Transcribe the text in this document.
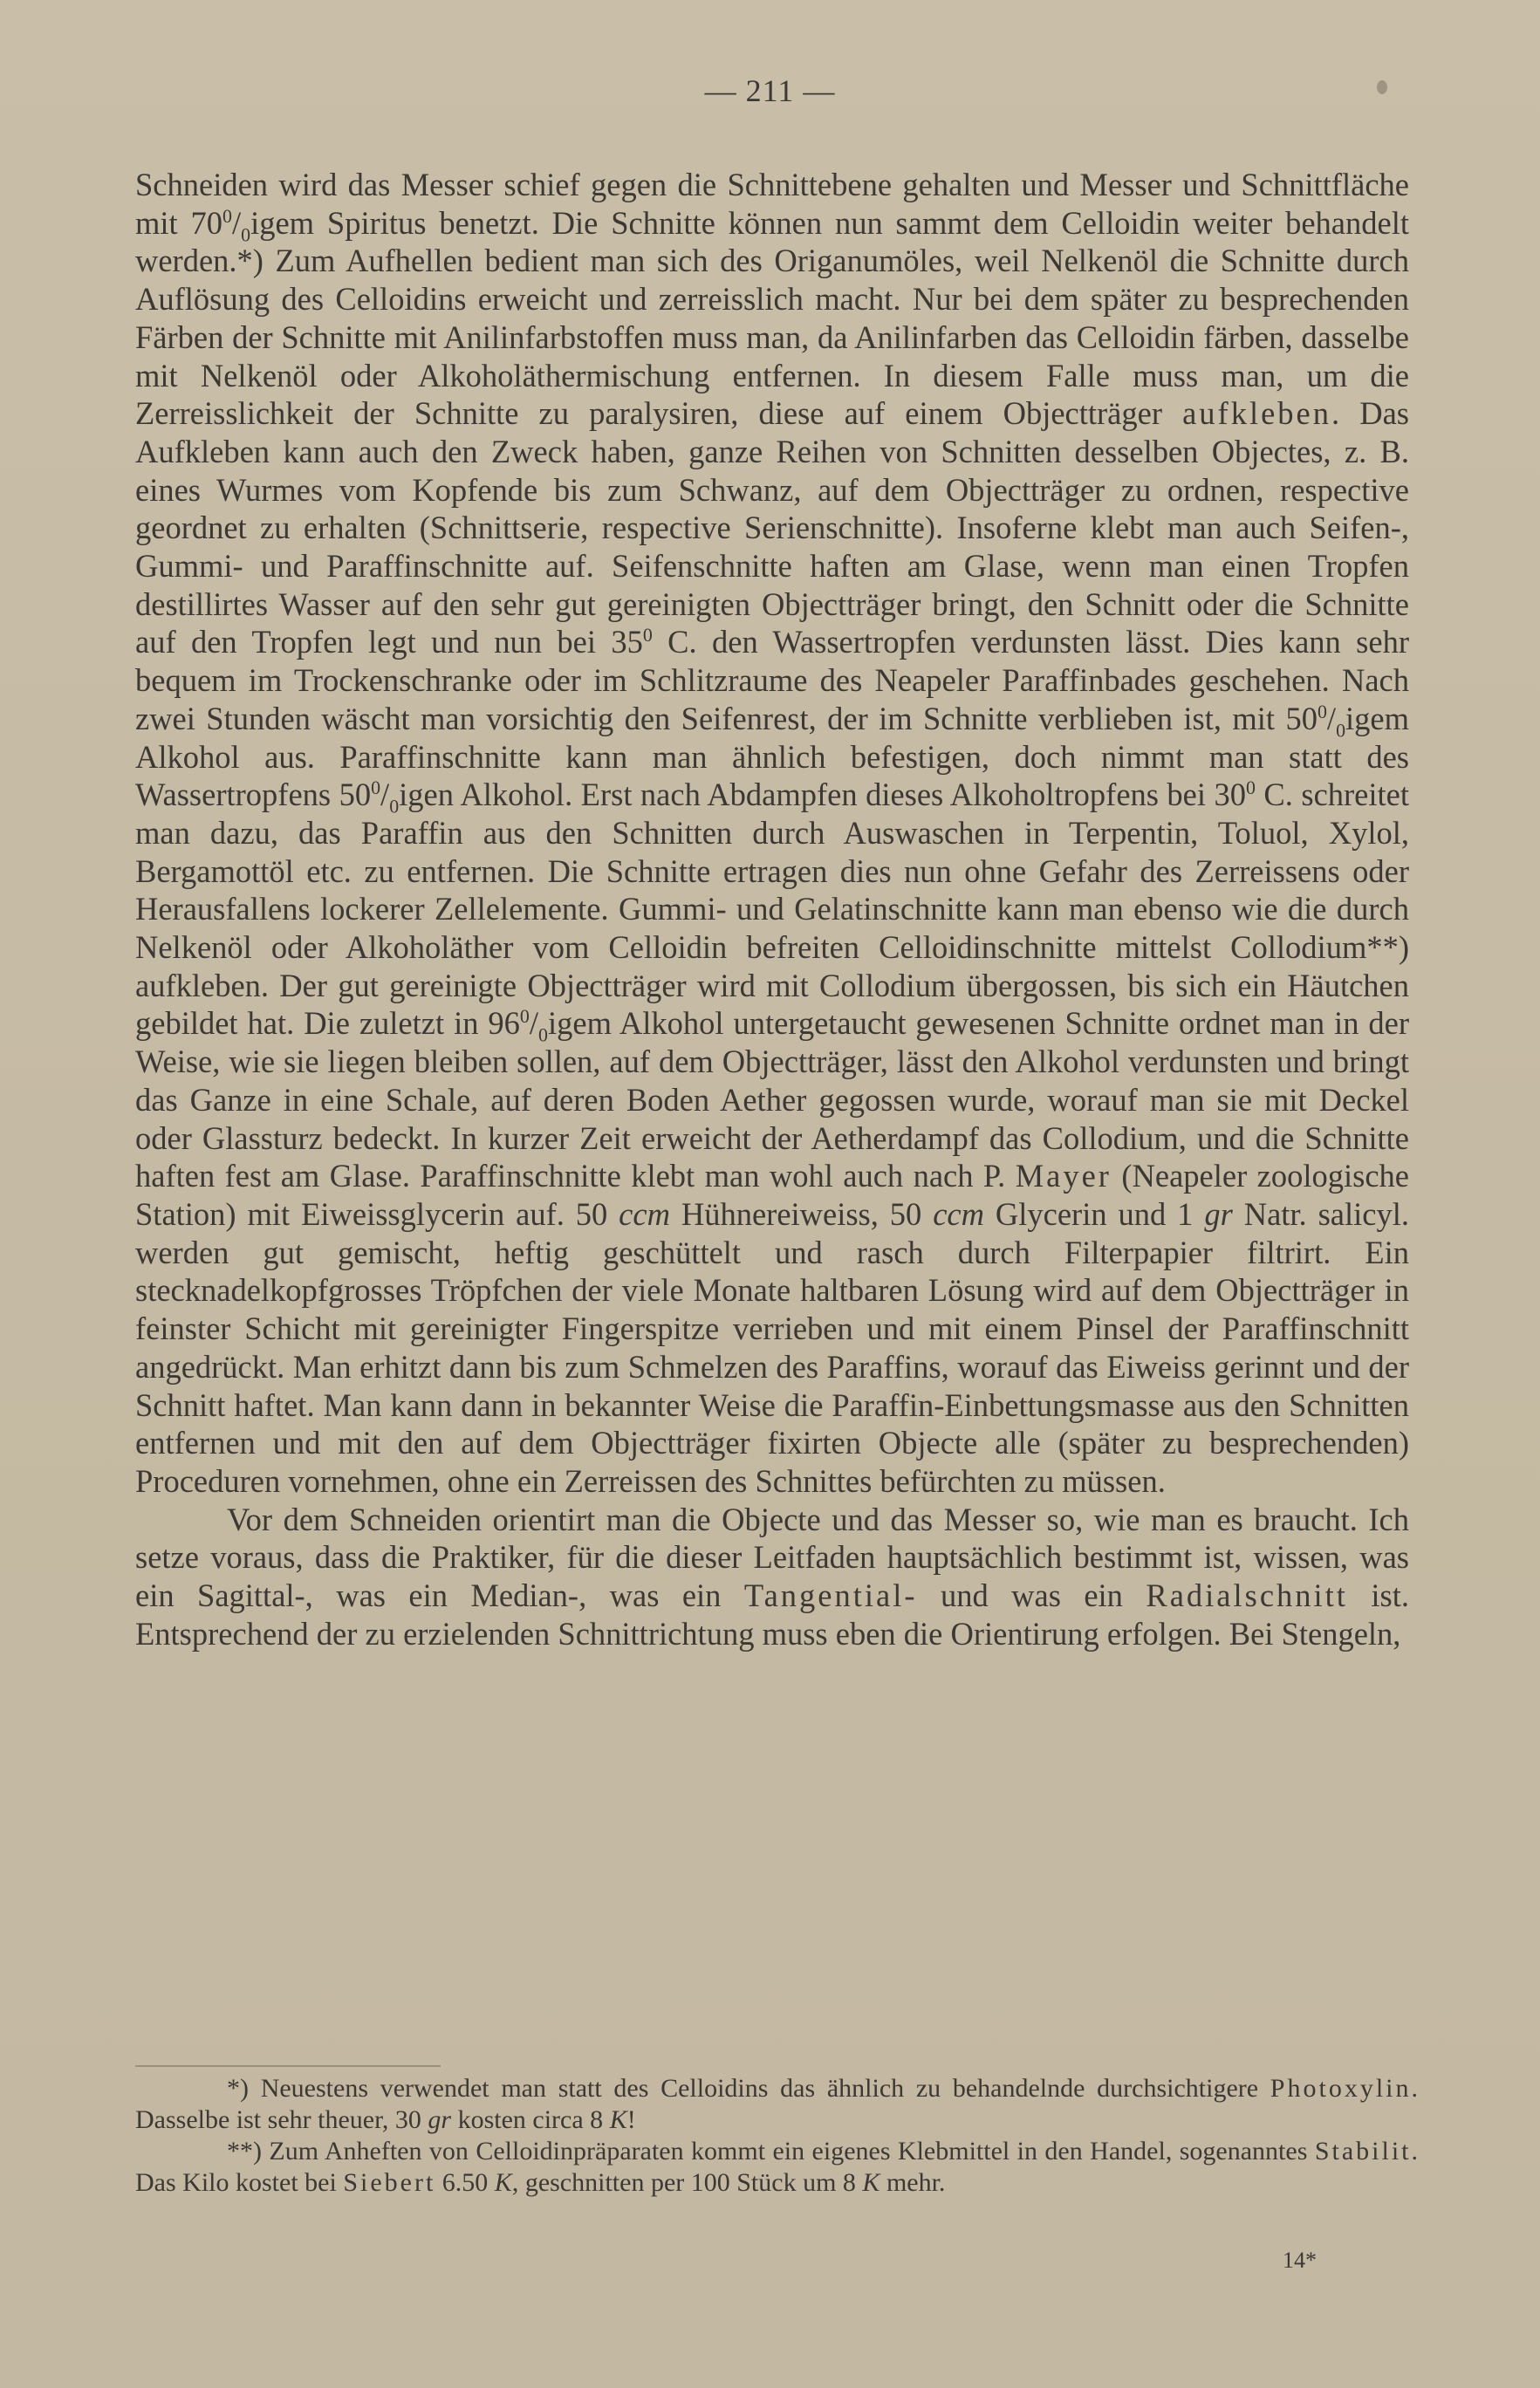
— 211 —

Schneiden wird das Messer schief gegen die Schnittebene gehalten und Messer und Schnittfläche mit $70^0/_0igem$ Spiritus benetzt. Die Schnitte können nun sammt dem Celloidin weiter behandelt werden.*) Zum Aufhellen bedient man sich des Origanumöles, weil Nelkenöl die Schnitte durch Auflösung des Celloidins erweicht und zerreisslich macht. Nur bei dem später zu besprechenden Färben der Schnitte mit Anilinfarbstoffen muss man, da Anilinfarben das Celloidin färben, dasselbe mit Nelkenöl oder Alkoholäthermischung entfernen. In diesem Falle muss man, um die Zerreisslichkeit der Schnitte zu paralysiren, diese auf einem Objectträger aufkleben. Das Aufkleben kann auch den Zweck haben, ganze Reihen von Schnitten desselben Objectes, z. B. eines Wurmes vom Kopfende bis zum Schwanz, auf dem Objectträger zu ordnen, respective geordnet zu erhalten (Schnittserie, respective Serienschnitte). Insoferne klebt man auch Seifen-, Gummi- und Paraffinschnitte auf. Seifenschnitte haften am Glase, wenn man einen Tropfen destillirtes Wasser auf den sehr gut gereinigten Objectträger bringt, den Schnitt oder die Schnitte auf den Tropfen legt und nun bei $35^0$ C. den Wassertropfen verdunsten lässt. Dies kann sehr bequem im Trockenschranke oder im Schlitzraume des Neapeler Paraffinbades geschehen. Nach zwei Stunden wäscht man vorsichtig den Seifenrest, der im Schnitte verblieben ist, mit $50^0/_0igem$ Alkohol aus. Paraffinschnitte kann man ähnlich befestigen, doch nimmt man statt des Wassertropfens $50^0/_0igen$ Alkohol. Erst nach Abdampfen dieses Alkoholtropfens bei $30^0$ C. schreitet man dazu, das Paraffin aus den Schnitten durch Auswaschen in Terpentin, Toluol, Xylol, Bergamottöl etc. zu entfernen. Die Schnitte ertragen dies nun ohne Gefahr des Zerreissens oder Herausfallens lockerer Zellelemente. Gummi- und Gelatinschnitte kann man ebenso wie die durch Nelkenöl oder Alkoholäther vom Celloidin befreiten Celloidinschnitte mittelst Collodium**) aufkleben. Der gut gereinigte Objectträger wird mit Collodium übergossen, bis sich ein Häutchen gebildet hat. Die zuletzt in $96^0/_0igem$ Alkohol untergetaucht gewesenen Schnitte ordnet man in der Weise, wie sie liegen bleiben sollen, auf dem Objectträger, lässt den Alkohol verdunsten und bringt das Ganze in eine Schale, auf deren Boden Aether gegossen wurde, worauf man sie mit Deckel oder Glassturz bedeckt. In kurzer Zeit erweicht der Aetherdampf das Collodium, und die Schnitte haften fest am Glase. Paraffinschnitte klebt man wohl auch nach P. Mayer (Neapeler zoologische Station) mit Eiweissglycerin auf. 50 ccm Hühnereiweiss, 50 ccm Glycerin und 1 gr Natr. salicyl. werden gut gemischt, heftig geschüttelt und rasch durch Filterpapier filtrirt. Ein stecknadelkopfgrosses Tröpfchen der viele Monate haltbaren Lösung wird auf dem Objectträger in feinster Schicht mit gereinigter Fingerspitze verrieben und mit einem Pinsel der Paraffinschnitt angedrückt. Man erhitzt dann bis zum Schmelzen des Paraffins, worauf das Eiweiss gerinnt und der Schnitt haftet. Man kann dann in bekannter Weise die Paraffin-Einbettungsmasse aus den Schnitten entfernen und mit den auf dem Objectträger fixirten Objecte alle (später zu besprechenden) Proceduren vornehmen, ohne ein Zerreissen des Schnittes befürchten zu müssen.

Vor dem Schneiden orientirt man die Objecte und das Messer so, wie man es braucht. Ich setze voraus, dass die Praktiker, für die dieser Leitfaden hauptsächlich bestimmt ist, wissen, was ein Sagittal-, was ein Median-, was ein Tangential- und was ein Radialschnitt ist. Entsprechend der zu erzielenden Schnittrichtung muss eben die Orientirung erfolgen. Bei Stengeln,

*) Neuestens verwendet man statt des Celloidins das ähnlich zu behandelnde durchsichtigere Photoxylin. Dasselbe ist sehr theuer, 30 gr kosten circa 8 K!

**) Zum Anheften von Celloidinpräparaten kommt ein eigenes Klebmittel in den Handel, sogenanntes Stabilit. Das Kilo kostet bei Siebert 6.50 K, geschnitten per 100 Stück um 8 K mehr.

14*
